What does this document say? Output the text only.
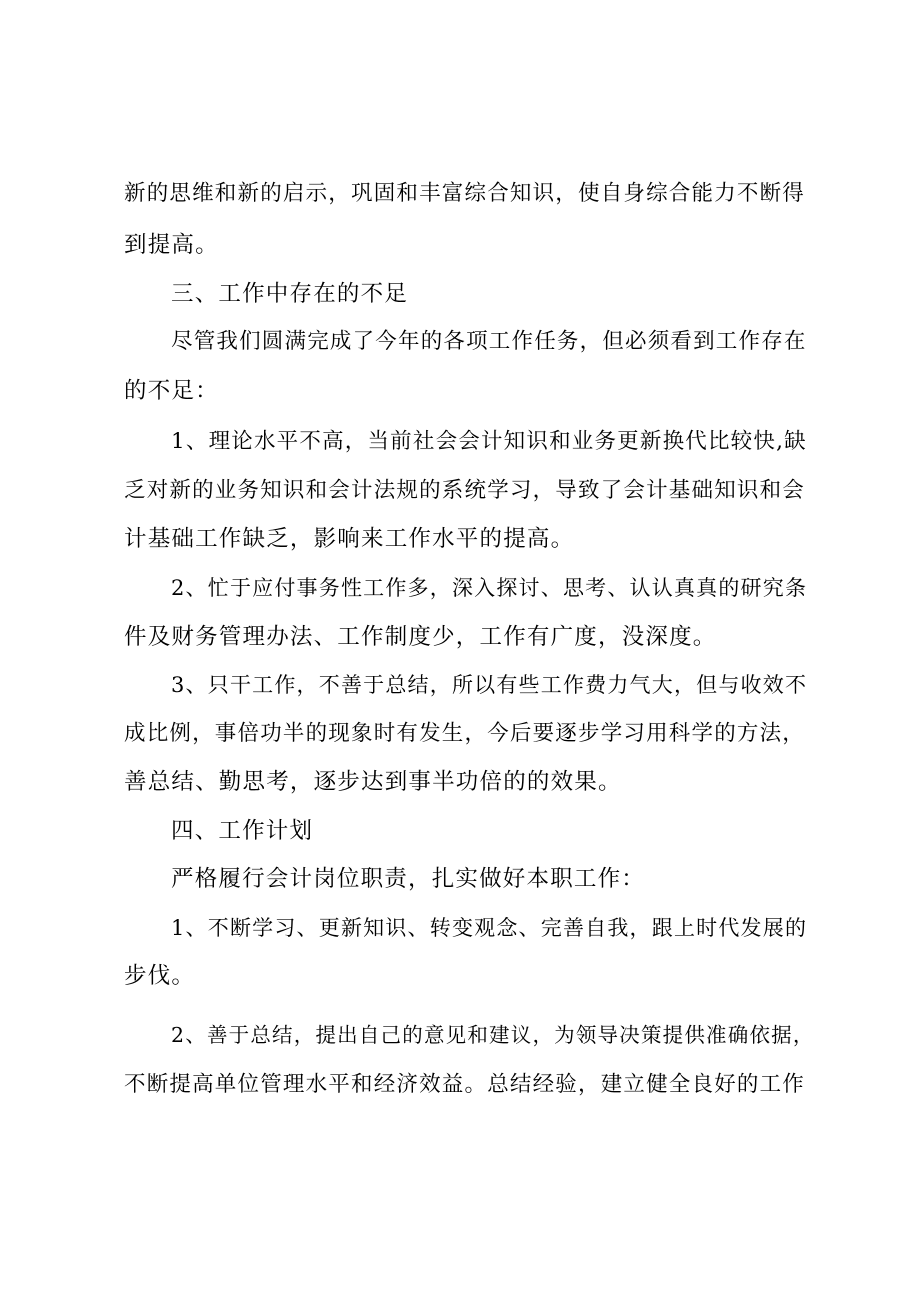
新的思维和新的启示，巩固和丰富综合知识，使自身综合能力不断得

到提高。

三、工作中存在的不足

尽管我们圆满完成了今年的各项工作任务，但必须看到工作存在

的不足：

1、理论水平不高，当前社会会计知识和业务更新换代比较快,缺

乏对新的业务知识和会计法规的系统学习，导致了会计基础知识和会

计基础工作缺乏，影响来工作水平的提高。

2、忙于应付事务性工作多，深入探讨、思考、认认真真的研究条

件及财务管理办法、工作制度少，工作有广度，没深度。

3、只干工作，不善于总结，所以有些工作费力气大，但与收效不

成比例，事倍功半的现象时有发生，今后要逐步学习用科学的方法，

善总结、勤思考，逐步达到事半功倍的的效果。

四、工作计划

严格履行会计岗位职责，扎实做好本职工作：

1、不断学习、更新知识、转变观念、完善自我，跟上时代发展的

步伐。

2、善于总结，提出自己的意见和建议，为领导决策提供准确依据，

不断提高单位管理水平和经济效益。总结经验，建立健全良好的工作
